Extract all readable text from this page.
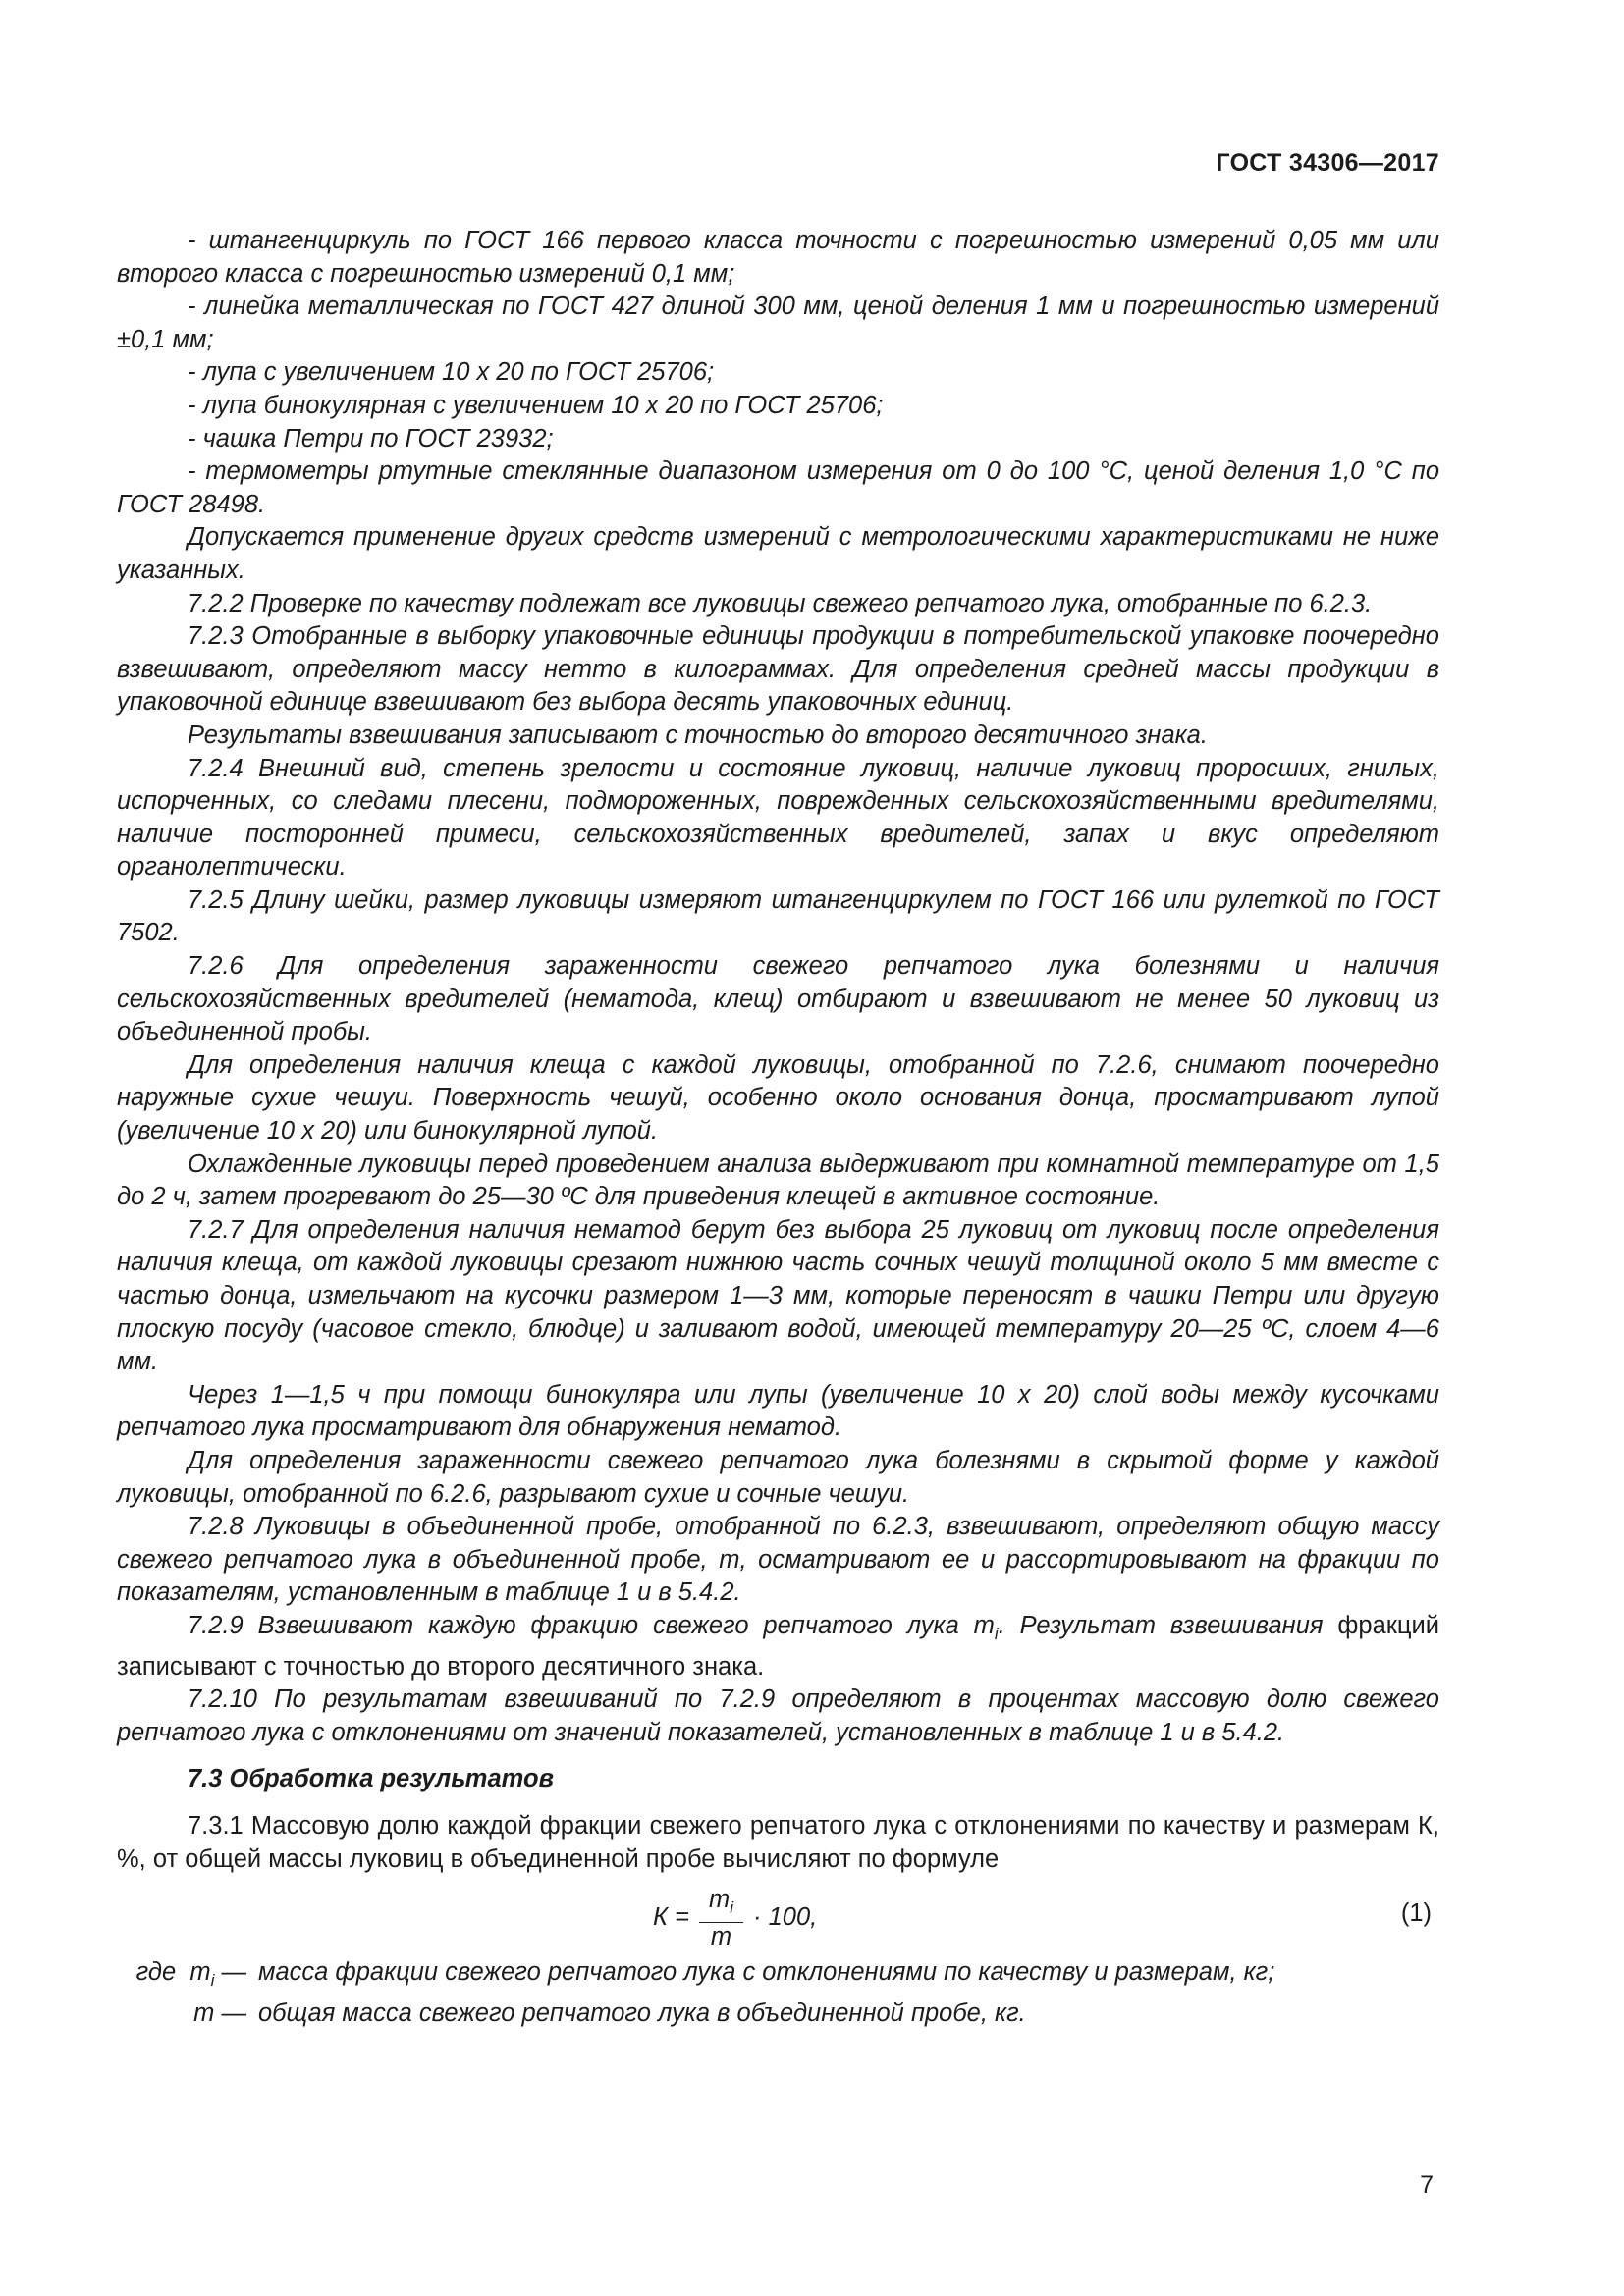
ГОСТ 34306—2017

- штангенциркуль по ГОСТ 166 первого класса точности с погрешностью измерений 0,05 мм или второго класса с погрешностью измерений 0,1 мм;

- линейка металлическая по ГОСТ 427 длиной 300 мм, ценой деления 1 мм и погрешностью измерений ±0,1 мм;

- лупа с увеличением 10 х 20 по ГОСТ 25706;

- лупа бинокулярная с увеличением 10 х 20 по ГОСТ 25706;

- чашка Петри по ГОСТ 23932;

- термометры ртутные стеклянные диапазоном измерения от 0 до 100 °С, ценой деления 1,0 °С по ГОСТ 28498.

Допускается применение других средств измерений с метрологическими характеристиками не ниже указанных.

7.2.2 Проверке по качеству подлежат все луковицы свежего репчатого лука, отобранные по 6.2.3.

7.2.3 Отобранные в выборку упаковочные единицы продукции в потребительской упаковке поочередно взвешивают, определяют массу нетто в килограммах. Для определения средней массы продукции в упаковочной единице взвешивают без выбора десять упаковочных единиц.

Результаты взвешивания записывают с точностью до второго десятичного знака.

7.2.4 Внешний вид, степень зрелости и состояние луковиц, наличие луковиц проросших, гнилых, испорченных, со следами плесени, подмороженных, поврежденных сельскохозяйственными вредителями, наличие посторонней примеси, сельскохозяйственных вредителей, запах и вкус определяют органолептически.

7.2.5 Длину шейки, размер луковицы измеряют штангенциркулем по ГОСТ 166 или рулеткой по ГОСТ 7502.

7.2.6 Для определения зараженности свежего репчатого лука болезнями и наличия сельскохозяйственных вредителей (нематода, клещ) отбирают и взвешивают не менее 50 луковиц из объединенной пробы.

Для определения наличия клеща с каждой луковицы, отобранной по 7.2.6, снимают поочередно наружные сухие чешуи. Поверхность чешуй, особенно около основания донца, просматривают лупой (увеличение 10 х 20) или бинокулярной лупой.

Охлажденные луковицы перед проведением анализа выдерживают при комнатной температуре от 1,5 до 2 ч, затем прогревают до 25—30 ºС для приведения клещей в активное состояние.

7.2.7 Для определения наличия нематод берут без выбора 25 луковиц от луковиц после определения наличия клеща, от каждой луковицы срезают нижнюю часть сочных чешуй толщиной около 5 мм вместе с частью донца, измельчают на кусочки размером 1—3 мм, которые переносят в чашки Петри или другую плоскую посуду (часовое стекло, блюдце) и заливают водой, имеющей температуру 20—25 ºС, слоем 4—6 мм.

Через 1—1,5 ч при помощи бинокуляра или лупы (увеличение 10 х 20) слой воды между кусочками репчатого лука просматривают для обнаружения нематод.

Для определения зараженности свежего репчатого лука болезнями в скрытой форме у каждой луковицы, отобранной по 6.2.6, разрывают сухие и сочные чешуи.

7.2.8 Луковицы в объединенной пробе, отобранной по 6.2.3, взвешивают, определяют общую массу свежего репчатого лука в объединенной пробе, m, осматривают ее и рассортировывают на фракции по показателям, установленным в таблице 1 и в 5.4.2.

7.2.9 Взвешивают каждую фракцию свежего репчатого лука $m_i$. Результат взвешивания фракций записывают с точностью до второго десятичного знака.

7.2.10 По результатам взвешиваний по 7.2.9 определяют в процентах массовую долю свежего репчатого лука с отклонениями от значений показателей, установленных в таблице 1 и в 5.4.2.

7.3 Обработка результатов

7.3.1 Массовую долю каждой фракции свежего репчатого лука с отклонениями по качеству и размерам К, %, от общей массы луковиц в объединенной пробе вычисляют по формуле

$К = \frac{m_i}{m} \cdot 100$,	(1)
где $m_i$ — масса фракции свежего репчатого лука с отклонениями по качеству и размерам, кг;
m — общая масса свежего репчатого лука в объединенной пробе, кг.
7
